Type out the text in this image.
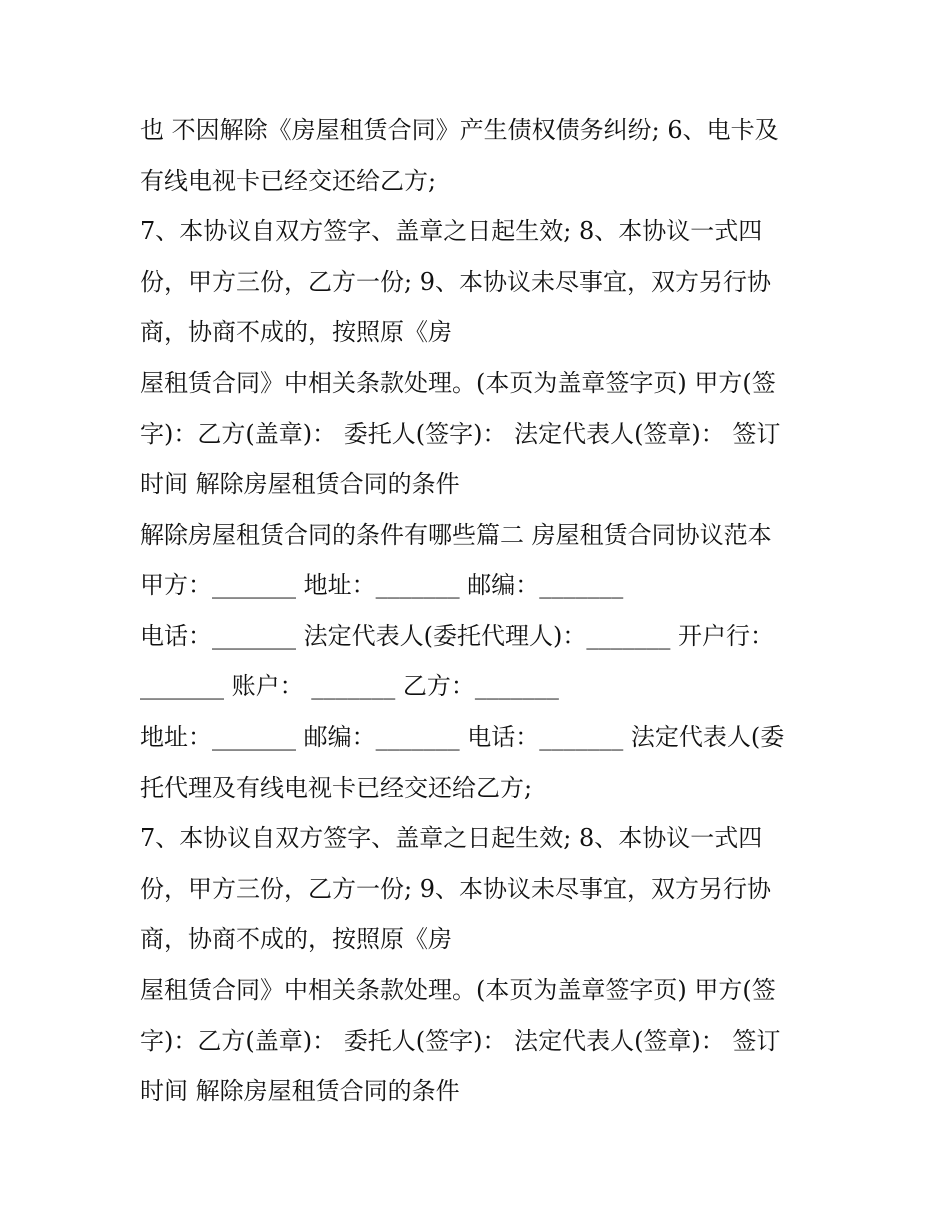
也 不因解除《房屋租赁合同》产生债权债务纠纷; 6、电卡及
有线电视卡已经交还给乙方;
7、本协议自双方签字、盖章之日起生效; 8、本协议一式四
份，甲方三份，乙方一份; 9、本协议未尽事宜，双方另行协
商，协商不成的，按照原《房
屋租赁合同》中相关条款处理。(本页为盖章签字页) 甲方(签
字)：乙方(盖章)： 委托人(签字)： 法定代表人(签章)： 签订
时间 解除房屋租赁合同的条件
解除房屋租赁合同的条件有哪些篇二 房屋租赁合同协议范本
甲方：_______ 地址：_______ 邮编：_______
电话：_______ 法定代表人(委托代理人)：_______ 开户行：
_______ 账户： _______ 乙方：_______
地址：_______ 邮编：_______ 电话：_______ 法定代表人(委
托代理及有线电视卡已经交还给乙方;
7、本协议自双方签字、盖章之日起生效; 8、本协议一式四
份，甲方三份，乙方一份; 9、本协议未尽事宜，双方另行协
商，协商不成的，按照原《房
屋租赁合同》中相关条款处理。(本页为盖章签字页) 甲方(签
字)：乙方(盖章)： 委托人(签字)： 法定代表人(签章)： 签订
时间 解除房屋租赁合同的条件
